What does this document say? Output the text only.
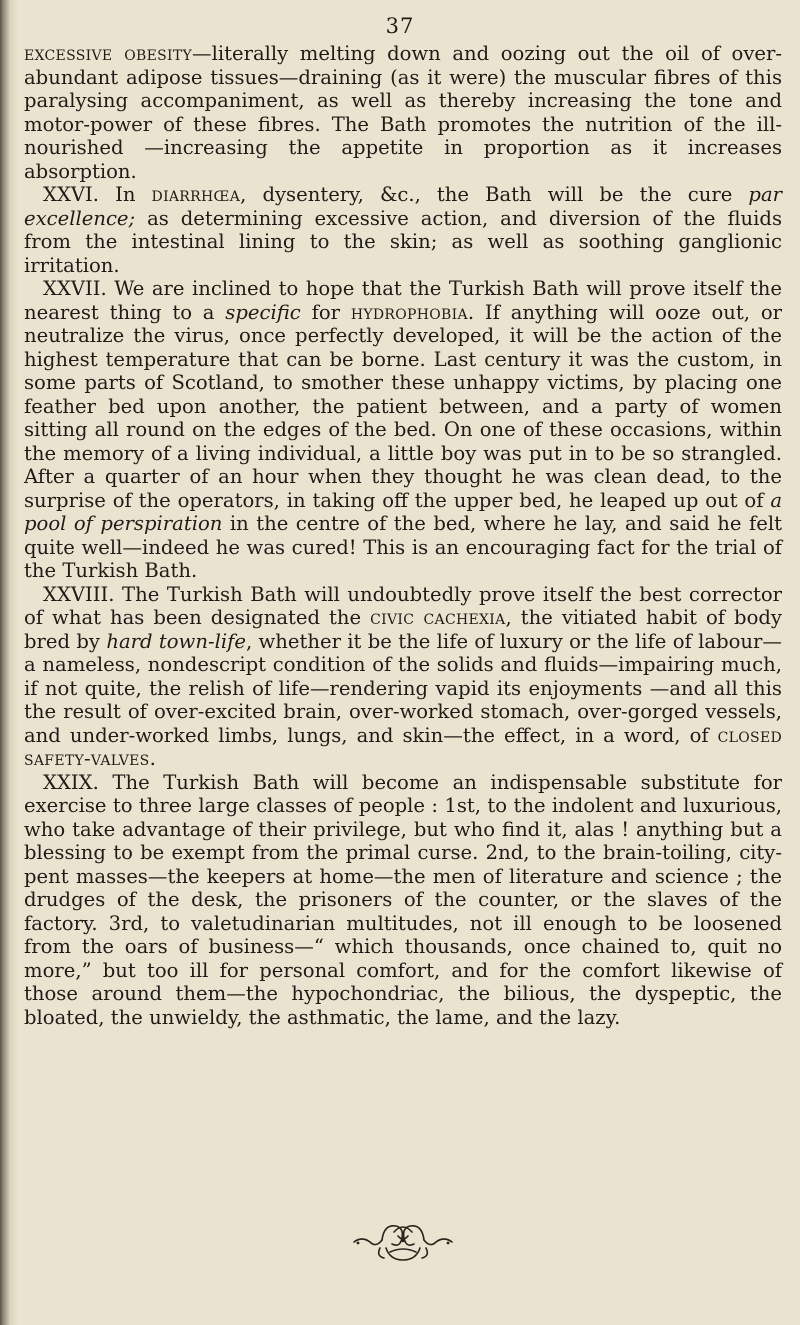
37

excessive obesity—literally melting down and oozing out the oil of over-abundant adipose tissues—draining (as it were) the muscular fibres of this paralysing accompaniment, as well as thereby increasing the tone and motor-power of these fibres. The Bath promotes the nutrition of the ill-nourished —increasing the appetite in proportion as it increases absorption.

XXVI. In diarrhœa, dysentery, &c., the Bath will be the cure par excellence; as determining excessive action, and diversion of the fluids from the intestinal lining to the skin; as well as soothing ganglionic irritation.

XXVII. We are inclined to hope that the Turkish Bath will prove itself the nearest thing to a specific for hydrophobia. If anything will ooze out, or neutralize the virus, once perfectly developed, it will be the action of the highest temperature that can be borne. Last century it was the custom, in some parts of Scotland, to smother these unhappy victims, by placing one feather bed upon another, the patient between, and a party of women sitting all round on the edges of the bed. On one of these occasions, within the memory of a living individual, a little boy was put in to be so strangled. After a quarter of an hour when they thought he was clean dead, to the surprise of the operators, in taking off the upper bed, he leaped up out of a pool of perspiration in the centre of the bed, where he lay, and said he felt quite well—indeed he was cured! This is an encouraging fact for the trial of the Turkish Bath.

XXVIII. The Turkish Bath will undoubtedly prove itself the best corrector of what has been designated the civic cachexia, the vitiated habit of body bred by hard town-life, whether it be the life of luxury or the life of labour—a nameless, nondescript condition of the solids and fluids—impairing much, if not quite, the relish of life—rendering vapid its enjoyments —and all this the result of over-excited brain, over-worked stomach, over-gorged vessels, and under-worked limbs, lungs, and skin—the effect, in a word, of closed safety-valves.

XXIX. The Turkish Bath will become an indispensable substitute for exercise to three large classes of people : 1st, to the indolent and luxurious, who take advantage of their privilege, but who find it, alas ! anything but a blessing to be exempt from the primal curse. 2nd, to the brain-toiling, city-pent masses—the keepers at home—the men of literature and science ; the drudges of the desk, the prisoners of the counter, or the slaves of the factory. 3rd, to valetudinarian multitudes, not ill enough to be loosened from the oars of business—“ which thousands, once chained to, quit no more,” but too ill for personal comfort, and for the comfort likewise of those around them—the hypochondriac, the bilious, the dyspeptic, the bloated, the unwieldy, the asthmatic, the lame, and the lazy.
